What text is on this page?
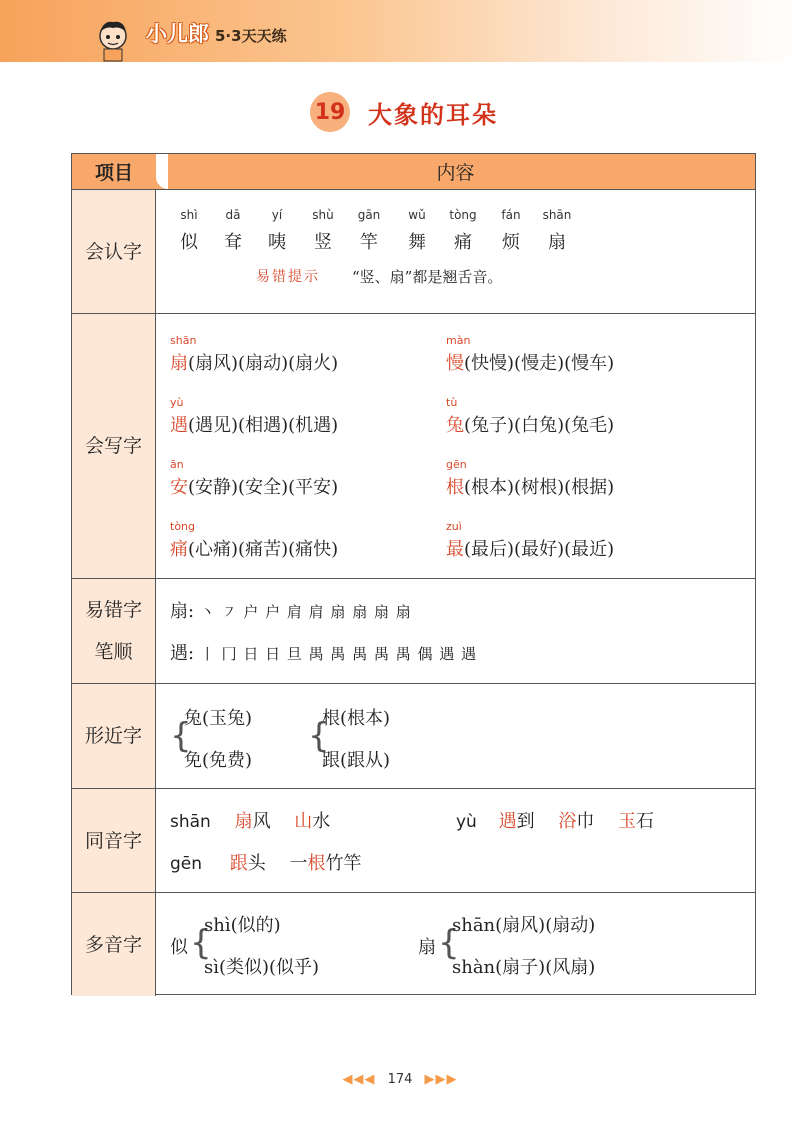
小儿郎 5·3天天练
19 大象的耳朵
项目	内容
会认字
易错提示 “竖、扇”都是翘舌音。
shì
似
dā
耷
yí
咦
shù
竖
gān
竿
wǔ
舞
tòng
痛
fán
烦
shān
扇
会写字
shān
扇(扇风)(扇动)(扇火)
màn
慢(快慢)(慢走)(慢车)
yù
遇(遇见)(相遇)(机遇)
tù
兔(兔子)(白兔)(兔毛)
ān
安(安静)(安全)(平安)
gēn
根(根本)(树根)(根据)
tòng
痛(心痛)(痛苦)(痛快)
zuì
最(最后)(最好)(最近)
易错字
笔顺
扇: 丶 ㇇ 户 户 肩 肩 扇 扇 扇 扇
遇: 丨 冂 日 日 旦 禺 禺 禺 禺 禺 偶 遇 遇
形近字 {
兔(玉兔)
免(免费)
{
根(根本)
跟(跟从)
同音字
shān 扇风 山水	yù 遇到 浴巾 玉石
gēn 跟头 一根竹竿
多音字 似 {
shì(似的)
sì(类似)(似乎)
扇 {
shān(扇风)(扇动)
shàn(扇子)(风扇)
◀◀◀ 174 ▶▶▶
